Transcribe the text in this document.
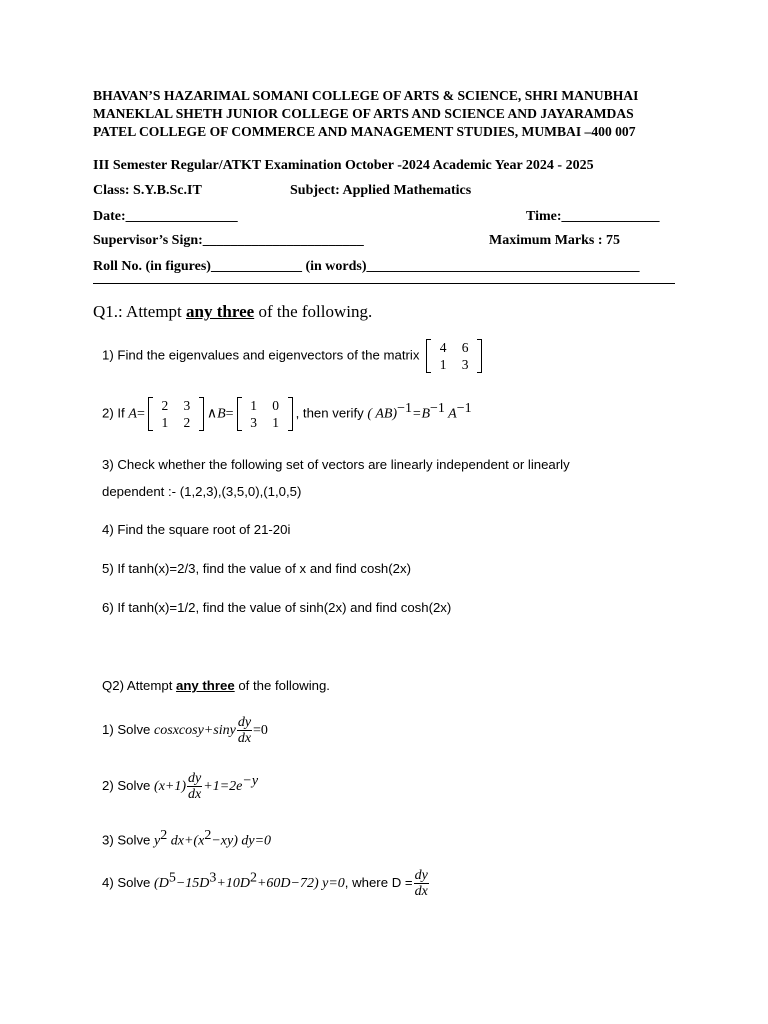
BHAVAN’S HAZARIMAL SOMANI COLLEGE OF ARTS & SCIENCE, SHRI MANUBHAI
MANEKLAL SHETH JUNIOR COLLEGE OF ARTS AND SCIENCE AND JAYARAMDAS
PATEL COLLEGE OF COMMERCE AND MANAGEMENT STUDIES, MUMBAI –400 007
III Semester Regular/ATKT Examination October -2024 Academic Year 2024 - 2025
Class: S.Y.B.Sc.IT	Subject: Applied Mathematics
Date:________________	Time:______________
Supervisor’s Sign:_______________________	Maximum Marks : 75
Roll No. (in figures)_____________ (in words)_______________________________________
Q1.: Attempt any three of the following.
1) Find the eigenvalues and eigenvectors of the matrix	4	6
1	3
2) If A=
2	3
1	2
∧B=
1	0
3	1
, then verify ( $AB)^{-1}=B^{-1}$ $A^{-1}$
3) Check whether the following set of vectors are linearly independent or linearly
dependent :- (1,2,3),(3,5,0),(1,0,5)
4) Find the square root of 21-20i
5) If tanh(x)=2/3, find the value of x and find cosh(2x)
6) If tanh(x)=1/2, find the value of sinh(2x) and find cosh(2x)
Q2) Attempt any three of the following.
1) Solve cosxcosy+siny $\frac{dy}{dx} =0$
2) Solve $(x+1) \frac{dy}{dx} +1=2e^{-y}$
3) Solve $y^2$ $dx+(x^2-xy)$ dy=0
4) Solve $(D^5-15D^3+10D^2+60D-72)$ y=0, where $D = \frac{dy}{dx}$
